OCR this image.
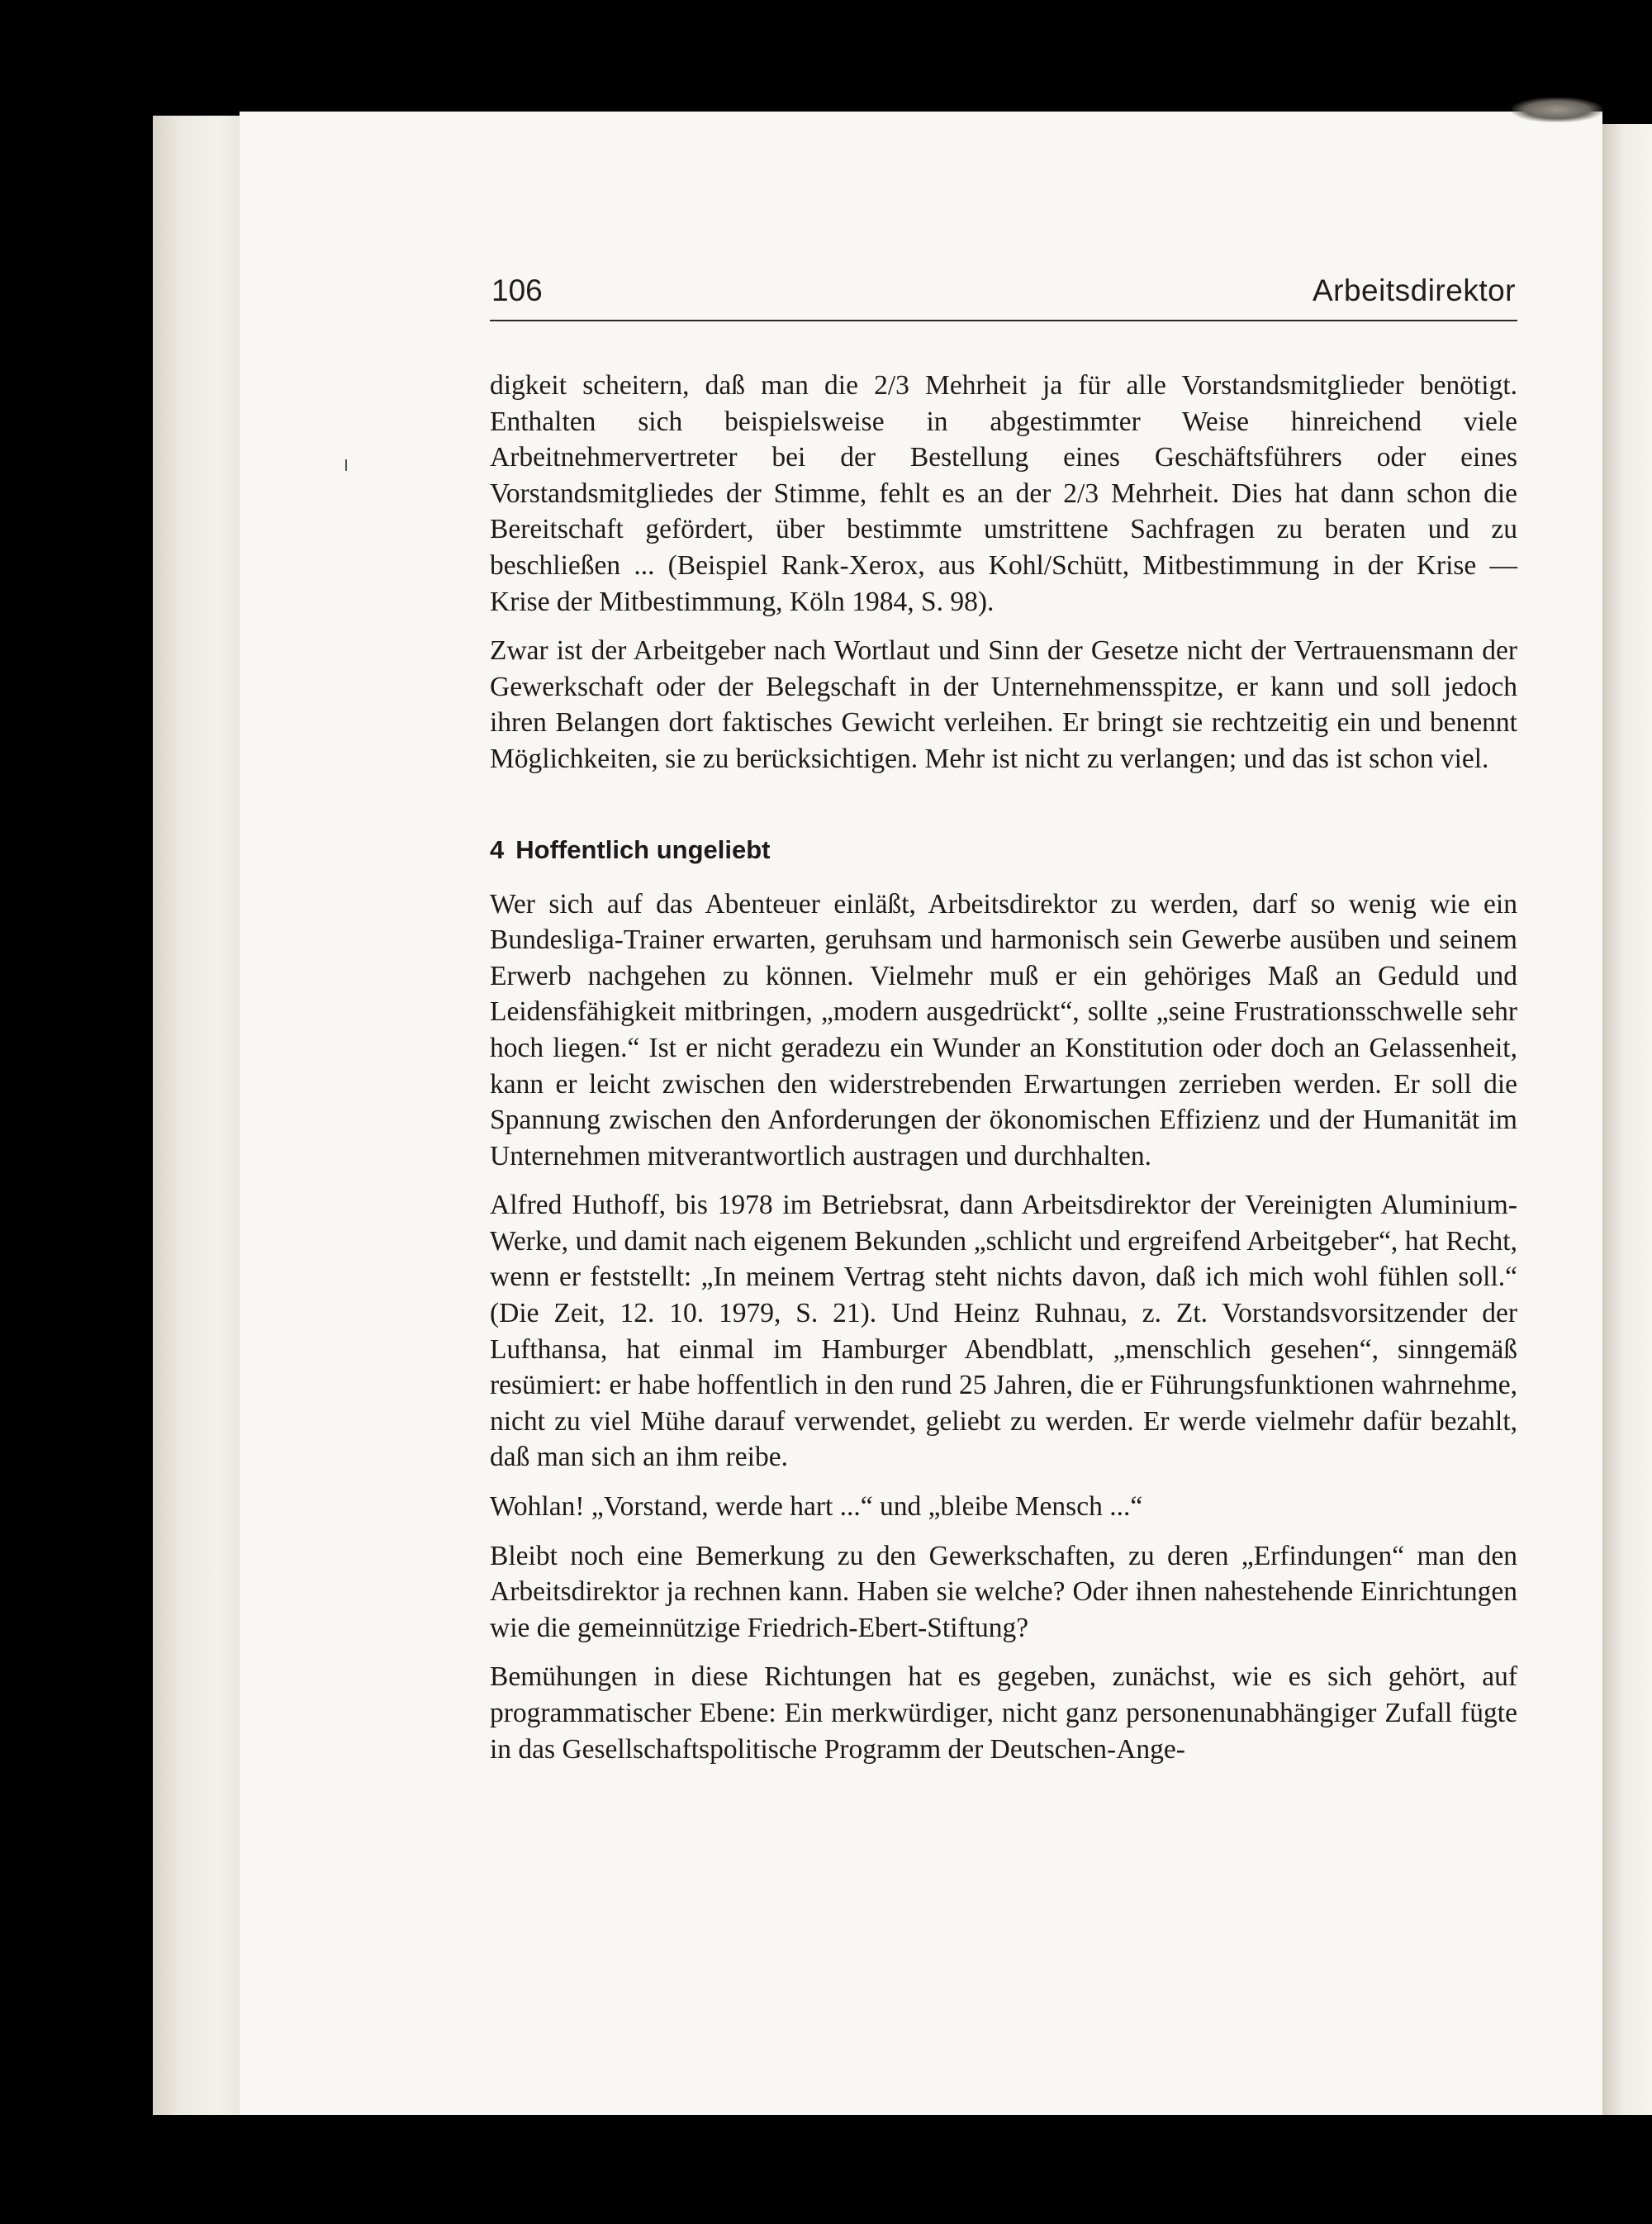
106	Arbeitsdirektor

digkeit scheitern, daß man die 2/3 Mehrheit ja für alle Vorstandsmitglieder benötigt. Enthalten sich beispielsweise in abgestimmter Weise hinreichend viele Arbeitnehmervertreter bei der Bestellung eines Geschäftsführers oder eines Vorstandsmitgliedes der Stimme, fehlt es an der 2/3 Mehrheit. Dies hat dann schon die Bereitschaft gefördert, über bestimmte umstrittene Sachfragen zu beraten und zu beschließen ... (Beispiel Rank-Xerox, aus Kohl/Schütt, Mitbestimmung in der Krise — Krise der Mitbestimmung, Köln 1984, S. 98).

Zwar ist der Arbeitgeber nach Wortlaut und Sinn der Gesetze nicht der Vertrauensmann der Gewerkschaft oder der Belegschaft in der Unternehmensspitze, er kann und soll jedoch ihren Belangen dort faktisches Gewicht verleihen. Er bringt sie rechtzeitig ein und benennt Möglichkeiten, sie zu berücksichtigen. Mehr ist nicht zu verlangen; und das ist schon viel.

4 Hoffentlich ungeliebt

Wer sich auf das Abenteuer einläßt, Arbeitsdirektor zu werden, darf so wenig wie ein Bundesliga-Trainer erwarten, geruhsam und harmonisch sein Gewerbe ausüben und seinem Erwerb nachgehen zu können. Vielmehr muß er ein gehöriges Maß an Geduld und Leidensfähigkeit mitbringen, „modern ausgedrückt“, sollte „seine Frustrationsschwelle sehr hoch liegen.“ Ist er nicht geradezu ein Wunder an Konstitution oder doch an Gelassenheit, kann er leicht zwischen den widerstrebenden Erwartungen zerrieben werden. Er soll die Spannung zwischen den Anforderungen der ökonomischen Effizienz und der Humanität im Unternehmen mitverantwortlich austragen und durchhalten.

Alfred Huthoff, bis 1978 im Betriebsrat, dann Arbeitsdirektor der Vereinigten Aluminium-Werke, und damit nach eigenem Bekunden „schlicht und ergreifend Arbeitgeber“, hat Recht, wenn er feststellt: „In meinem Vertrag steht nichts davon, daß ich mich wohl fühlen soll.“ (Die Zeit, 12. 10. 1979, S. 21). Und Heinz Ruhnau, z. Zt. Vorstandsvorsitzender der Lufthansa, hat einmal im Hamburger Abendblatt, „menschlich gesehen“, sinngemäß resümiert: er habe hoffentlich in den rund 25 Jahren, die er Führungsfunktionen wahrnehme, nicht zu viel Mühe darauf verwendet, geliebt zu werden. Er werde vielmehr dafür bezahlt, daß man sich an ihm reibe.

Wohlan! „Vorstand, werde hart ...“ und „bleibe Mensch ...“

Bleibt noch eine Bemerkung zu den Gewerkschaften, zu deren „Erfindungen“ man den Arbeitsdirektor ja rechnen kann. Haben sie welche? Oder ihnen nahestehende Einrichtungen wie die gemeinnützige Friedrich-Ebert-Stiftung?

Bemühungen in diese Richtungen hat es gegeben, zunächst, wie es sich gehört, auf programmatischer Ebene: Ein merkwürdiger, nicht ganz personenunabhängiger Zufall fügte in das Gesellschaftspolitische Programm der Deutschen-Ange-
